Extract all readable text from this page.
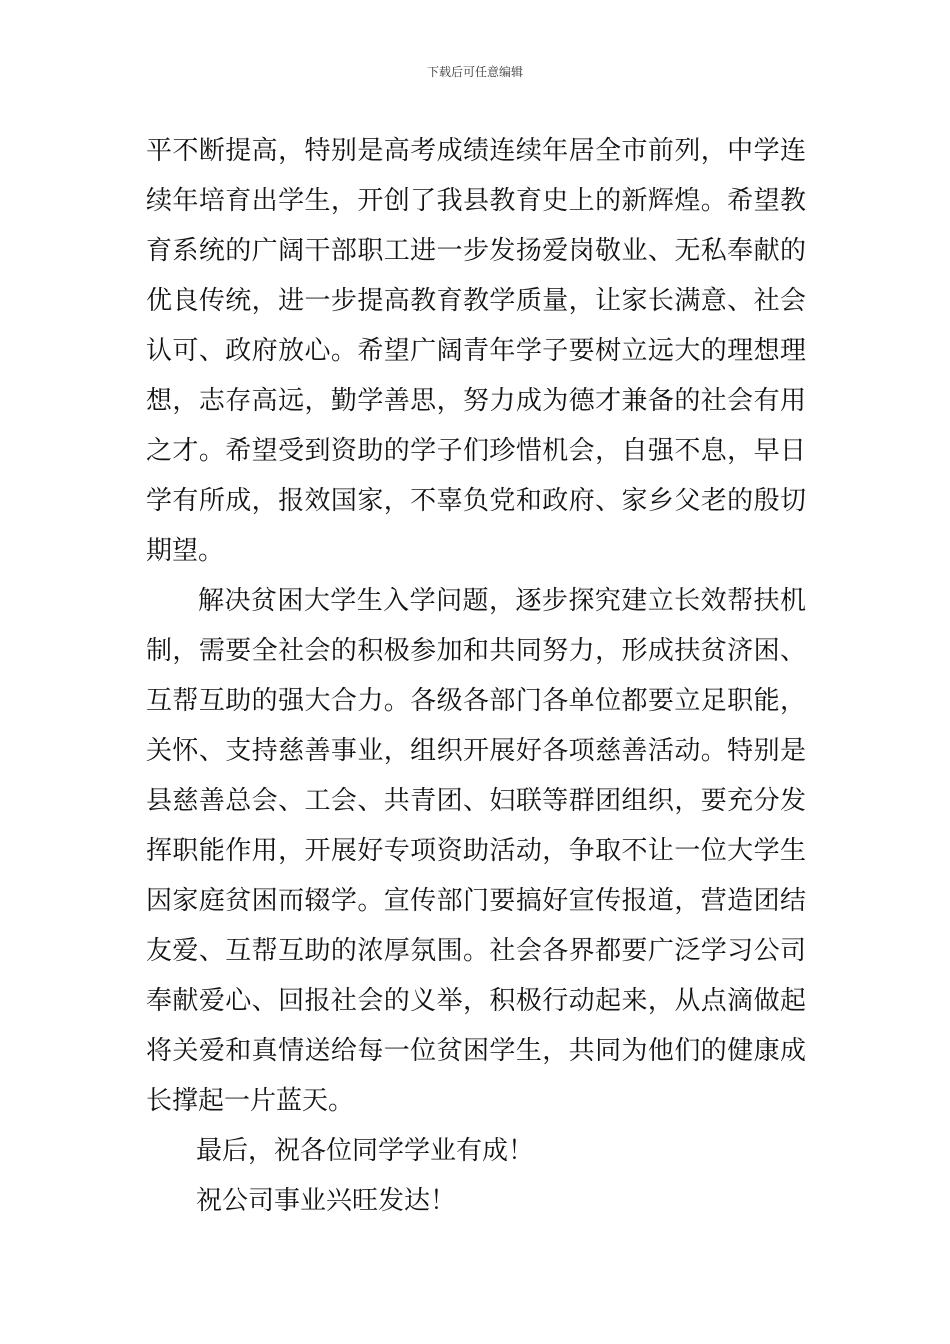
下载后可任意编辑
平不断提高，特别是高考成绩连续年居全市前列，中学连
续年培育出学生，开创了我县教育史上的新辉煌。希望教
育系统的广阔干部职工进一步发扬爱岗敬业、无私奉献的
优良传统，进一步提高教育教学质量，让家长满意、社会
认可、政府放心。希望广阔青年学子要树立远大的理想理
想，志存高远，勤学善思，努力成为德才兼备的社会有用
之才。希望受到资助的学子们珍惜机会，自强不息，早日
学有所成，报效国家，不辜负党和政府、家乡父老的殷切
期望。
解决贫困大学生入学问题，逐步探究建立长效帮扶机
制，需要全社会的积极参加和共同努力，形成扶贫济困、
互帮互助的强大合力。各级各部门各单位都要立足职能，
关怀、支持慈善事业，组织开展好各项慈善活动。特别是
县慈善总会、工会、共青团、妇联等群团组织，要充分发
挥职能作用，开展好专项资助活动，争取不让一位大学生
因家庭贫困而辍学。宣传部门要搞好宣传报道，营造团结
友爱、互帮互助的浓厚氛围。社会各界都要广泛学习公司
奉献爱心、回报社会的义举，积极行动起来，从点滴做起
将关爱和真情送给每一位贫困学生，共同为他们的健康成
长撑起一片蓝天。
最后，祝各位同学学业有成！
祝公司事业兴旺发达！
